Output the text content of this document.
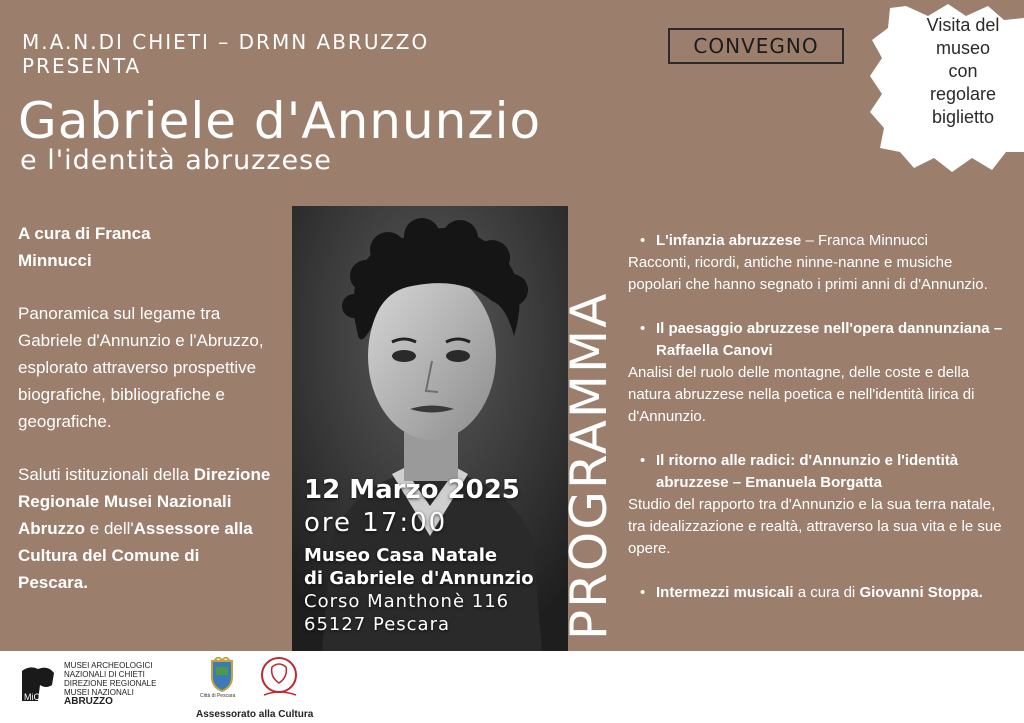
M.A.N.DI CHIETI – DRMN ABRUZZO
PRESENTA
CONVEGNO
Visita del
museo
con
regolare
biglietto
Gabriele d'Annunzio
e l'identità abruzzese
A cura di Franca
Minnucci

Panoramica sul legame tra Gabriele d'Annunzio e l'Abruzzo, esplorato attraverso prospettive biografiche, bibliografiche e geografiche.

Saluti istituzionali della Direzione Regionale Musei Nazionali Abruzzo e dell'Assessore alla Cultura del Comune di Pescara.

12 Marzo 2025
ore 17:00
Museo Casa Natale
di Gabriele d'Annunzio
Corso Manthonè 116
65127 Pescara	PROGRAMMA
• L'infanzia abruzzese – Franca Minnucci
Racconti, ricordi, antiche ninne-nanne e musiche popolari che hanno segnato i primi anni di d'Annunzio.
• Il paesaggio abruzzese nell'opera dannunziana – Raffaella Canovi
Analisi del ruolo delle montagne, delle coste e della natura abruzzese nella poetica e nell'identità lirica di d'Annunzio.
• Il ritorno alle radici: d'Annunzio e l'identità abruzzese – Emanuela Borgatta
Studio del rapporto tra d'Annunzio e la sua terra natale, tra idealizzazione e realtà, attraverso la sua vita e le sue opere.
• Intermezzi musicali a cura di Giovanni Stoppa.
MiC
MUSEI ARCHEOLOGICI
NAZIONALI DI CHIETI
DIREZIONE REGIONALE
MUSEI NAZIONALI
ABRUZZO	Città di Pescara
Assessorato alla Cultura
